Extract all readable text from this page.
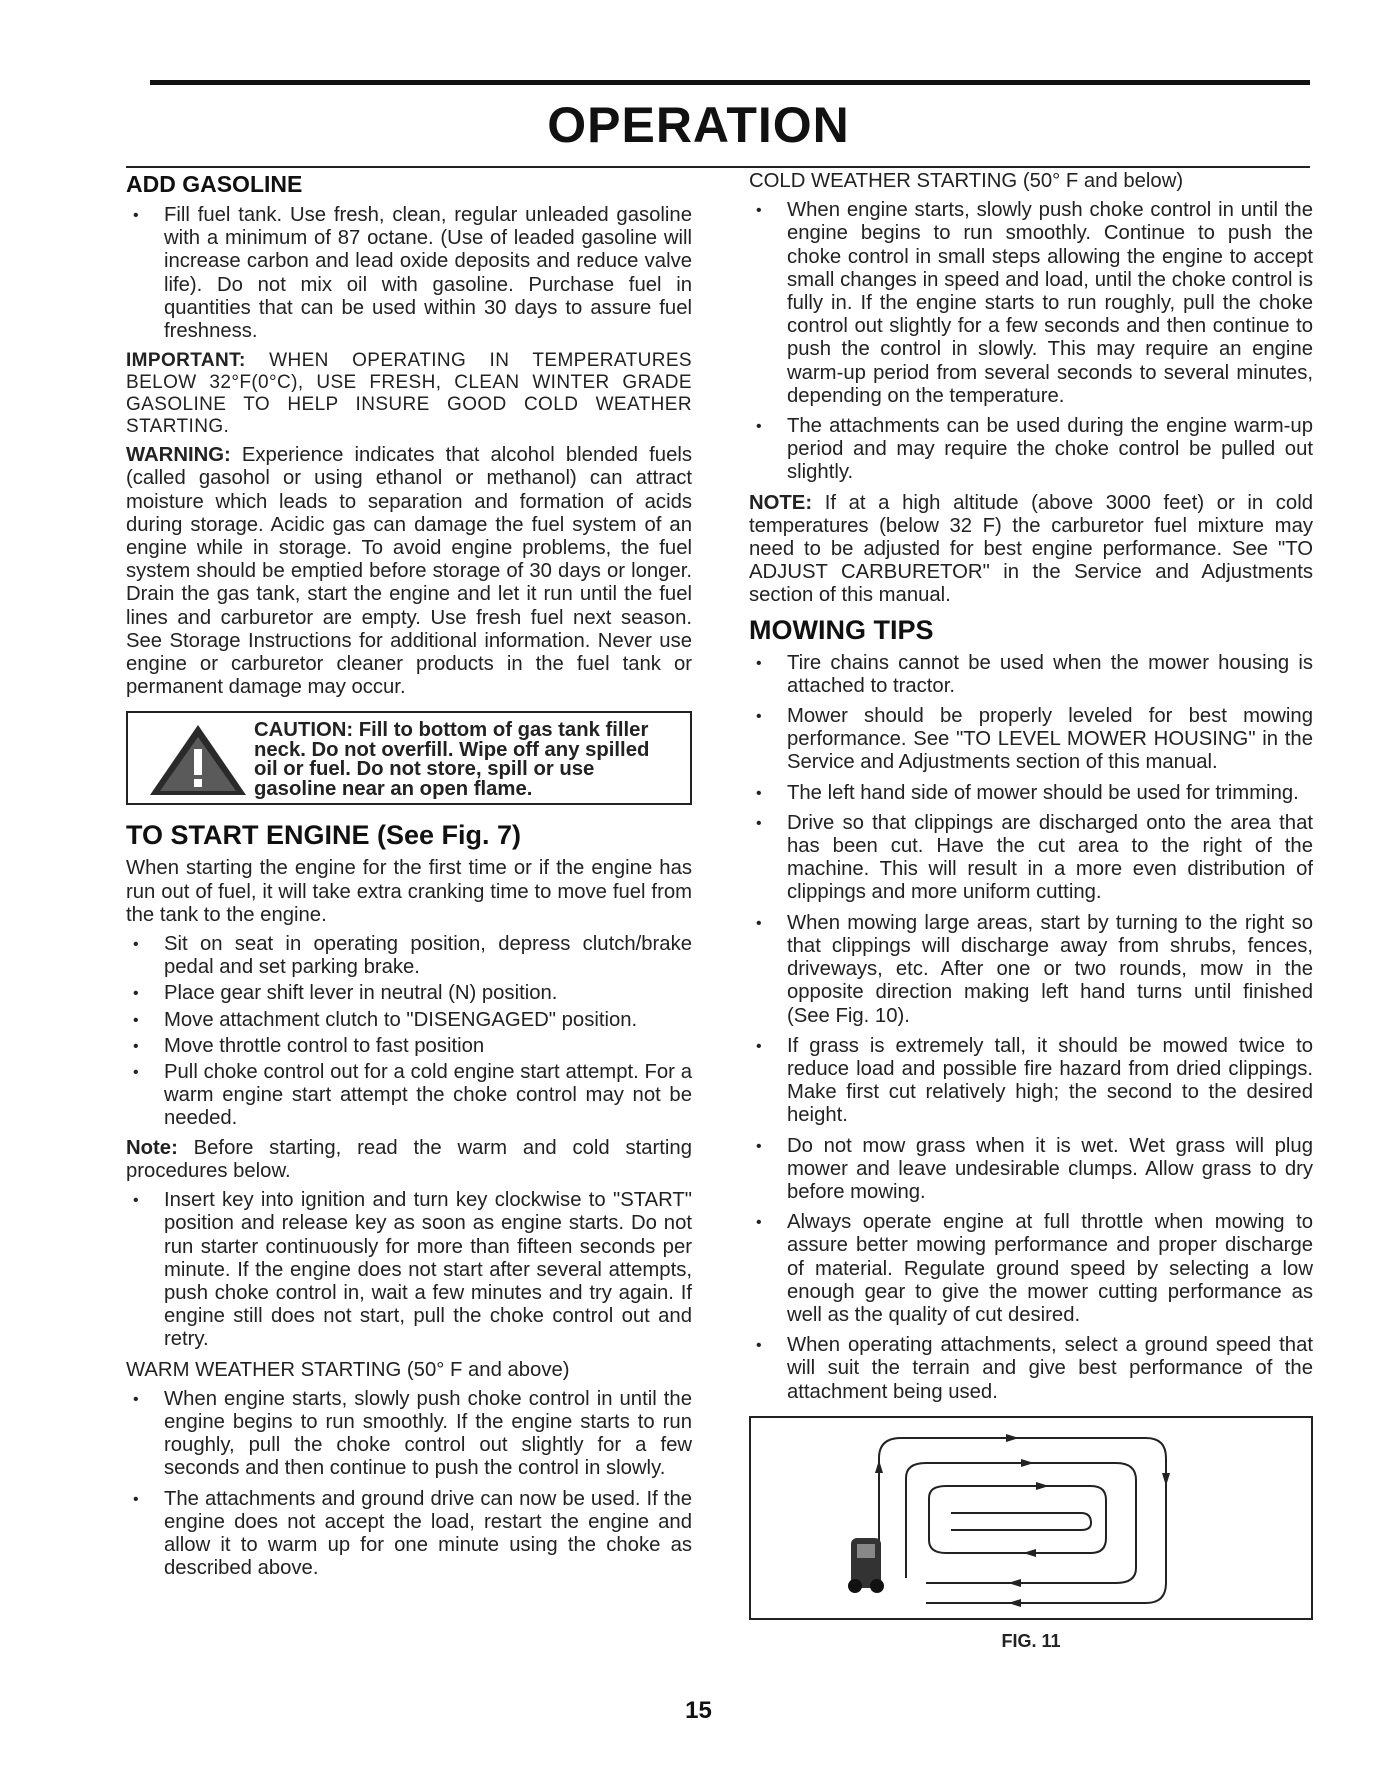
OPERATION
ADD GASOLINE
• Fill fuel tank. Use fresh, clean, regular unleaded gasoline with a minimum of 87 octane. (Use of leaded gasoline will increase carbon and lead oxide deposits and reduce valve life). Do not mix oil with gasoline. Purchase fuel in quantities that can be used within 30 days to assure fuel freshness.

IMPORTANT: WHEN OPERATING IN TEMPERATURES BELOW 32°F(0°C), USE FRESH, CLEAN WINTER GRADE GASOLINE TO HELP INSURE GOOD COLD WEATHER STARTING.

WARNING: Experience indicates that alcohol blended fuels (called gasohol or using ethanol or methanol) can attract moisture which leads to separation and formation of acids during storage. Acidic gas can damage the fuel system of an engine while in storage. To avoid engine problems, the fuel system should be emptied before storage of 30 days or longer. Drain the gas tank, start the engine and let it run until the fuel lines and carburetor are empty. Use fresh fuel next season. See Storage Instructions for additional information. Never use engine or carburetor cleaner products in the fuel tank or permanent damage may occur.

CAUTION: Fill to bottom of gas tank filler neck. Do not overfill. Wipe off any spilled oil or fuel. Do not store, spill or use gasoline near an open flame.
TO START ENGINE (See Fig. 7)

When starting the engine for the first time or if the engine has run out of fuel, it will take extra cranking time to move fuel from the tank to the engine.

• Sit on seat in operating position, depress clutch/brake pedal and set parking brake.
• Place gear shift lever in neutral (N) position.
• Move attachment clutch to "DISENGAGED" position.
• Move throttle control to fast position
• Pull choke control out for a cold engine start attempt. For a warm engine start attempt the choke control may not be needed.

Note: Before starting, read the warm and cold starting procedures below.

• Insert key into ignition and turn key clockwise to "START" position and release key as soon as engine starts. Do not run starter continuously for more than fifteen seconds per minute. If the engine does not start after several attempts, push choke control in, wait a few minutes and try again. If engine still does not start, pull the choke control out and retry.
WARM WEATHER STARTING (50° F and above)
• When engine starts, slowly push choke control in until the engine begins to run smoothly. If the engine starts to run roughly, pull the choke control out slightly for a few seconds and then continue to push the control in slowly.
• The attachments and ground drive can now be used. If the engine does not accept the load, restart the engine and allow it to warm up for one minute using the choke as described above.
COLD WEATHER STARTING (50° F and below)
• When engine starts, slowly push choke control in until the engine begins to run smoothly. Continue to push the choke control in small steps allowing the engine to accept small changes in speed and load, until the choke control is fully in. If the engine starts to run roughly, pull the choke control out slightly for a few seconds and then continue to push the control in slowly. This may require an engine warm-up period from several seconds to several minutes, depending on the temperature.
• The attachments can be used during the engine warm-up period and may require the choke control be pulled out slightly.

NOTE: If at a high altitude (above 3000 feet) or in cold temperatures (below 32 F) the carburetor fuel mixture may need to be adjusted for best engine performance. See "TO ADJUST CARBURETOR" in the Service and Adjustments section of this manual.

MOWING TIPS
• Tire chains cannot be used when the mower housing is attached to tractor.
• Mower should be properly leveled for best mowing performance. See "TO LEVEL MOWER HOUSING" in the Service and Adjustments section of this manual.
• The left hand side of mower should be used for trimming.
• Drive so that clippings are discharged onto the area that has been cut. Have the cut area to the right of the machine. This will result in a more even distribution of clippings and more uniform cutting.
• When mowing large areas, start by turning to the right so that clippings will discharge away from shrubs, fences, driveways, etc. After one or two rounds, mow in the opposite direction making left hand turns until finished (See Fig. 10).
• If grass is extremely tall, it should be mowed twice to reduce load and possible fire hazard from dried clippings. Make first cut relatively high; the second to the desired height.
• Do not mow grass when it is wet. Wet grass will plug mower and leave undesirable clumps. Allow grass to dry before mowing.
• Always operate engine at full throttle when mowing to assure better mowing performance and proper discharge of material. Regulate ground speed by selecting a low enough gear to give the mower cutting performance as well as the quality of cut desired.
• When operating attachments, select a ground speed that will suit the terrain and give best performance of the attachment being used.
FIG. 11
15
